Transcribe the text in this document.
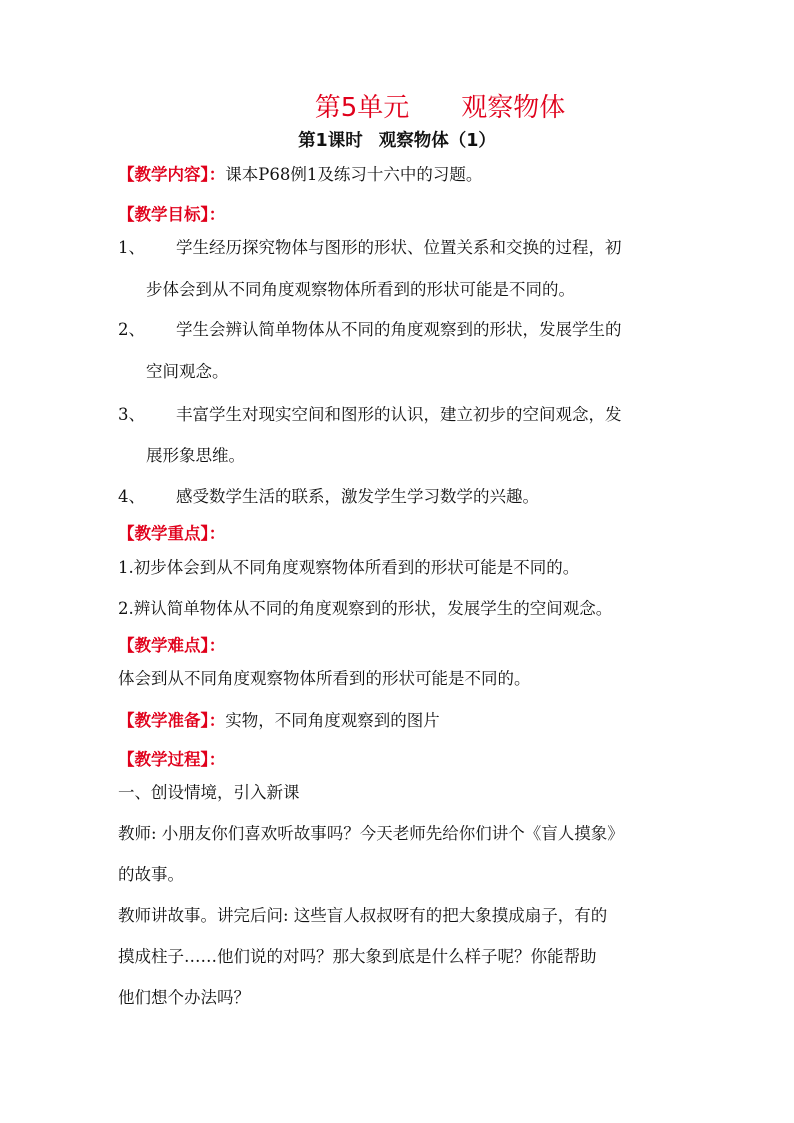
第5单元 观察物体
第1课时 观察物体（1）
【教学内容】：课本P68例1及练习十六中的习题。
【教学目标】：
1、 学生经历探究物体与图形的形状、位置关系和交换的过程，初
步体会到从不同角度观察物体所看到的形状可能是不同的。
2、 学生会辨认简单物体从不同的角度观察到的形状，发展学生的
空间观念。
3、 丰富学生对现实空间和图形的认识，建立初步的空间观念，发
展形象思维。
4、 感受数学生活的联系，激发学生学习数学的兴趣。
【教学重点】：
1.初步体会到从不同角度观察物体所看到的形状可能是不同的。
2.辨认简单物体从不同的角度观察到的形状，发展学生的空间观念。
【教学难点】：
体会到从不同角度观察物体所看到的形状可能是不同的。
【教学准备】：实物，不同角度观察到的图片
【教学过程】：
一、创设情境，引入新课
教师: 小朋友你们喜欢听故事吗？今天老师先给你们讲个《盲人摸象》
的故事。
教师讲故事。讲完后问: 这些盲人叔叔呀有的把大象摸成扇子，有的
摸成柱子……他们说的对吗？那大象到底是什么样子呢？你能帮助
他们想个办法吗？
